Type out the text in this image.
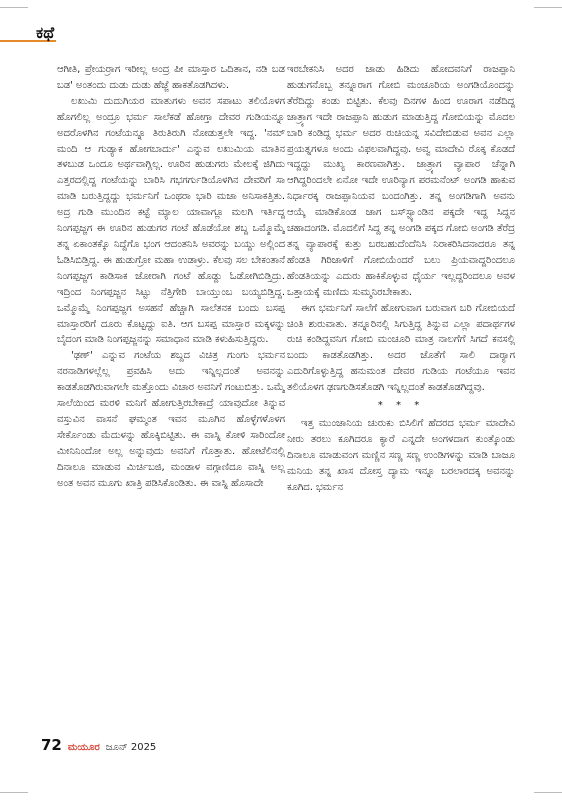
ಕಥೆ

ಆಗೀತಿ, ಪ್ರೇಯರ್ರಾಗ ಇರೀಲ್ಲ ಅಂದ್ರ ಪೀ ಮಾಸ್ತಾರ ಒದಿತಾನ, ನಡಿ ಬಡ ಬಡ' ಅಂತಂದು ದುಡು ದುಡು ಹೆಜ್ಜೆ ಹಾಕತೊಡಗಿದಳು.

ಲಖುಮಿ ದುದುಗಿಯರ ಮಾತುಗಳು ಅವನ ಸಪಾಟು ತಲಿಯೊಳಗ ಹೊಗಲಿಲ್ಲ ಅಂದ್ರೂ ಭರ್ಮ ಸಾಲೆಕಡೆ ಹೋಗ್ತಾ ದೇವರ ಗುಡಿಯನ್ನೂ ಅದರೊಳಗಿನ ಗಂಟೆಯನ್ನೂ ತಿರುತಿರುಗಿ ನೋಡುತ್ತಲೇ ಇದ್ದ. 'ನಮ್ ಮಂದಿ ಆ ಗುಡ್ಯಾಕ ಹೋಗಬಾರ್ದು' ಎನ್ನುವ ಲಖುಮಿಯ ಮಾತಿನ ತಳಬುಡ ಒಂದೂ ಅರ್ಥವಾಗ್ಲಿಲ್ಲ. ಊರಿನ ಹುಡುಗರು ಮೇಲಕ್ಕೆ ಜಿಗಿದು ಎತ್ತರದಲ್ಲಿದ್ದ ಗಂಟೆಯನ್ನು ಬಾರಿಸಿ ಗಭಗರ್ಗುಡಿಯೊಳಗಿನ ದೇವರಿಗೆ ಸಾ ಮಾಡಿ ಬರುತ್ತಿದ್ದದ್ದು ಭರ್ಮನಿಗೆ ಒಂಥರಾ ಭಾರಿ ಮಜಾ ಅನಿಸಾಕತ್ತಿತು. ಅದ್ರ ಗುಡಿ ಮುಂದಿನ ಕಟ್ಟೆ ಮ್ಯಾಲ ಯಾವಾಗ್ಲೂ ಮಲಗಿ ಇರ್ತಿದ್ದ ನಿಂಗಪ್ಪಜ್ಜಗ ಈ ಊರಿನ ಹುಡುಗರ ಗಂಟೆ ಹೊಡೆಯೋ ಶಬ್ದ ಒಮ್ಮೊಮ್ಮೆ ತನ್ನ ಏಕಾಂತಕ್ಕೊ ನಿದ್ದೆಗೊ ಭಂಗ ಆದಂತನಿಸಿ ಅವರನ್ನು ಬಯ್ದು ಅಲ್ಲಿಂದ ಓಡಿಸಿಬಿಡ್ತಿದ್ದ. ಈ ಹುಡುಗ್ರೋ ಮಹಾ ಉಡಾಳ್ರು. ಕೆಲವು ಸಲ ಬೇಕಂತಾನೆ ನಿಂಗಪ್ಪಜ್ಜಗ ಕಾಡಿಸಾಕ ಜೋರಾಗಿ ಗಂಟೆ ಹೊಡ್ದು ಓಡೋಗಿಬಿಡ್ತಿದ್ರು. ಇದ್ರಿಂದ ನಿಂಗಪ್ಪಜ್ಜನ ಸಿಟ್ಟು ನೆತ್ತಿಗೇರಿ ಬಾಯ್ತುಂಬ ಬಯ್ಯಬಿಡ್ತಿದ್ದ. ಒಮ್ಮೊಮ್ಮೆ ನಿಂಗಪ್ಪಜ್ಜಗ ಅಸಹನೆ ಹೆಚ್ಚಾಗಿ ಸಾಲೆತನಕ ಬಂದು ಬಸಪ್ಪ ಮಾಸ್ತಾರರಿಗೆ ದೂರು ಕೊಟ್ಟದ್ದು ಐತಿ. ಆಗ ಬಸಪ್ಪ ಮಾಸ್ತಾರ ಮಕ್ಕಳನ್ನು ಬೈದಂಗ ಮಾಡಿ ನಿಂಗಪ್ಪಜ್ಜನನ್ನು ಸಮಾಧಾನ ಮಾಡಿ ಕಳುಹಿಸುತ್ತಿದ್ದರು.

'ಢಣ್' ಎನ್ನುವ ಗಂಟೆಯ ಶಬ್ದದ ವಿಚಿತ್ರ ಗುಂಗು ಭರ್ಮನ ನರನಾಡಿಗಳಲ್ಲೆಲ್ಲ ಪ್ರವಹಿಸಿ ಅದು ಇನ್ನಿಲ್ಲದಂತೆ ಅವನನ್ನು ಕಾಡತೊಡಗಿರುವಾಗಲೇ ಮತ್ತೊಂದು ವಿಚಾರ ಅವನಿಗೆ ಗಂಟುಬಿತ್ತು. ಒಮ್ಮೆ ಸಾಲೆಯಿಂದ ಮರಳಿ ಮನಿಗೆ ಹೋಗುತ್ತಿರಬೇಕಾದ್ರೆ ಯಾವುದೋ ತಿನ್ನುವ ವಸ್ತುವಿನ ವಾಸನೆ ಘಮ್ಮಂತ ಇವನ ಮೂಗಿನ ಹೊಳ್ಳೆಗಳೊಳಗ ಸೇರ್ಕೊಂಡು ಮೆದುಳನ್ನು ಹೊಕ್ಕಿಬಿಟ್ಟಿತು. ಈ ವಾಸ್ನಿ ಕೋಳಿ ಸಾರಿಂದೋ ಮೀನಿನಿಂದೋ ಅಲ್ಲ ಅನ್ನುವುದು ಅವನಿಗೆ ಗೊತ್ತಾತು. ಹೋಟೆಲಿನಲ್ಲಿ ದಿನಾಲೂ ಮಾಡುವ ಮಿರ್ಚಿಬಜಿ, ಮಂಡಾಳ ವಗ್ಗಾಣಿದೂ ವಾಸ್ನಿ ಅಲ್ಲ ಅಂತ ಅವನ ಮೂಗು ಖಾತ್ರಿ ಪಡಿಸಿಕೊಂಡಿತು. ಈ ವಾಸ್ನಿ ಹೊಸಾದೇ

ಇರಬೇಕನಿಸಿ ಅದರ ಜಾಡು ಹಿಡಿದು ಹೋದವನಿಗೆ ರಾಜಪ್ಪಾನಿ ಹುಡುಗನೊಬ್ಬ ತನ್ನೂರಾಗ ಗೋಬಿ ಮಂಚೂರಿಯ ಅಂಗಡಿಯೊಂದನ್ನು ತೆರೆದಿದ್ದು ಕಂಡು ಬಿಟ್ಟಿತು. ಕೆಲವು ದಿನಗಳ ಹಿಂದ ಊರಾಗ ನಡೆದಿದ್ದ ಜಾತ್ರ್ಯಾಗ ಇದೇ ರಾಜಪ್ಪಾನಿ ಹುಡುಗ ಮಾಡುತ್ತಿದ್ದ ಗೋಬಿಯನ್ನು ಮೊದಲ ಬಾರಿ ಕಂಡಿದ್ದ ಭರ್ಮ ಅದರ ರುಚಿಯನ್ನ ಸವಿದೇಬಿಡುವ ಅವನ ಎಲ್ಲಾ ಪ್ರಯತ್ನಗಳೂ ಅಂದು ವಿಫಲವಾಗಿದ್ದವು. ಅವ್ವ ಮಾದೇವಿ ರೊಕ್ಕ ಕೊಡದೆ ಇದ್ದದ್ದು ಮುಖ್ಯ ಕಾರಣವಾಗಿತ್ತು. ಜಾತ್ರ್ಯಾಗ ವ್ಯಾಪಾರ ಚೆನ್ನಾಗಿ ಆಗಿದ್ದರಿಂದಲೇ ಏನೋ ಇದೇ ಊರಿನ್ಯಾಗ ಪರಮನೆಂಟ್ ಅಂಗಡಿ ಹಾಕುವ ನಿರ್ಧಾರಕ್ಕ ರಾಜಪ್ಪಾನಿಯವ ಬಂದಂಗಿತ್ತು. ತನ್ನ ಅಂಗಡಿಗಾಗಿ ಅವನು ಆಯ್ಕೆ ಮಾಡಿಕೊಂಡ ಜಾಗ ಬಸ್‌ಸ್ಟ್ಯಾಂಡಿನ ಪಕ್ಕದೇ ಇದ್ದ ಸಿದ್ದನ ಚಹಾದಂಗಡಿ. ಮೊದಲಿಗೆ ಸಿದ್ದ ತನ್ನ ಅಂಗಡಿ ಪಕ್ಕದ ಗೋಬಿ ಅಂಗಡಿ ತೆರೆದ್ರ ತನ್ನ ವ್ಯಾಪಾರಕ್ಕೆ ಕುತ್ತು ಬರಬಹುದೆಂದೆನಿಸಿ ನಿರಾಕರಿಸಿದನಾದರೂ ತನ್ನ ಹೆಂಡತಿ ಗಿರಿಜಾಳಿಗೆ ಗೋಬಿಯೆಂದರೆ ಬಲು ಪ್ರಿಯವಾದ್ದರಿಂದಲೂ ಹೆಂಡತಿಯನ್ನು ಎದುರು ಹಾಕಿಕೊಳ್ಳುವ ಧೈರ್ಯ ಇಲ್ಲದ್ದರಿಂದಲೂ ಅವಳ ಒತ್ತಾಯಕ್ಕೆ ಮಣಿದು ಸುಮ್ಮನಿರಬೇಕಾತು.

ಈಗ ಭರ್ಮನಿಗೆ ಸಾಲೆಗೆ ಹೋಗುವಾಗ ಬರುವಾಗ ಬರಿ ಗೋಬಿಯದೆ ಚಿಂತಿ ಶುರುವಾತು. ತನ್ನೂರಿನಲ್ಲಿ ಸಿಗುತ್ತಿದ್ದ ತಿನ್ನುವ ಎಲ್ಲಾ ಪದಾರ್ಥಗಳ ರುಚಿ ಕಂಡಿದ್ದವನಿಗ ಗೋಬಿ ಮಂಚೂರಿ ಮಾತ್ರ ನಾಲಗೆಗೆ ಸಿಗದೆ ಕನಸಲ್ಲಿ ಬಂದು ಕಾಡತೊಡಗಿತ್ತು. ಅದರ ಜೊತೆಗೆ ಸಾಲಿ ದಾರ್‍ಯಾಗ ಎದುರಿಗೊಳ್ಳುತ್ತಿದ್ದ ಹನುಮಂತ ದೇವರ ಗುಡಿಯ ಗಂಟೆಯೂ ಇವನ ತಲಿಯೊಳಗ ಢಣಗುಡಿಸತೊಡಗಿ ಇನ್ನಿಲ್ಲದಂತೆ ಕಾಡತೊಡಗಿದ್ದವು.

* * *

ಇತ್ತ ಮುಂಜಾನಿಯ ಚುರುಕು ಬಿಸಿಲಿಗೆ ಹೆದರದ ಭರ್ಮ ಮಾದೇವಿ ನೀರು ತರಲು ಕೂಗಿದರೂ ಕ್ಯಾರೆ ಎನ್ನದೇ ಅಂಗಳದಾಗ ಕುಂತ್ಕೊಂಡು ದಿನಾಲೂ ಮಾಡುವಂಗ ಮಣ್ಣಿನ ಸಣ್ಣ ಸಣ್ಣ ಉಂಡಿಗಳನ್ನು ಮಾಡಿ ಬಾಜೂ ಮನಿಯ ತನ್ನ ಖಾಸ ದೋಸ್ತ ದ್ಯಾಮ ಇನ್ನೂ ಬರಲಾರದಕ್ಕ ಅವನನ್ನು ಕೂಗಿದ. ಭರ್ಮನ

72 ಮಯೂರ ಜೂನ್ 2025
